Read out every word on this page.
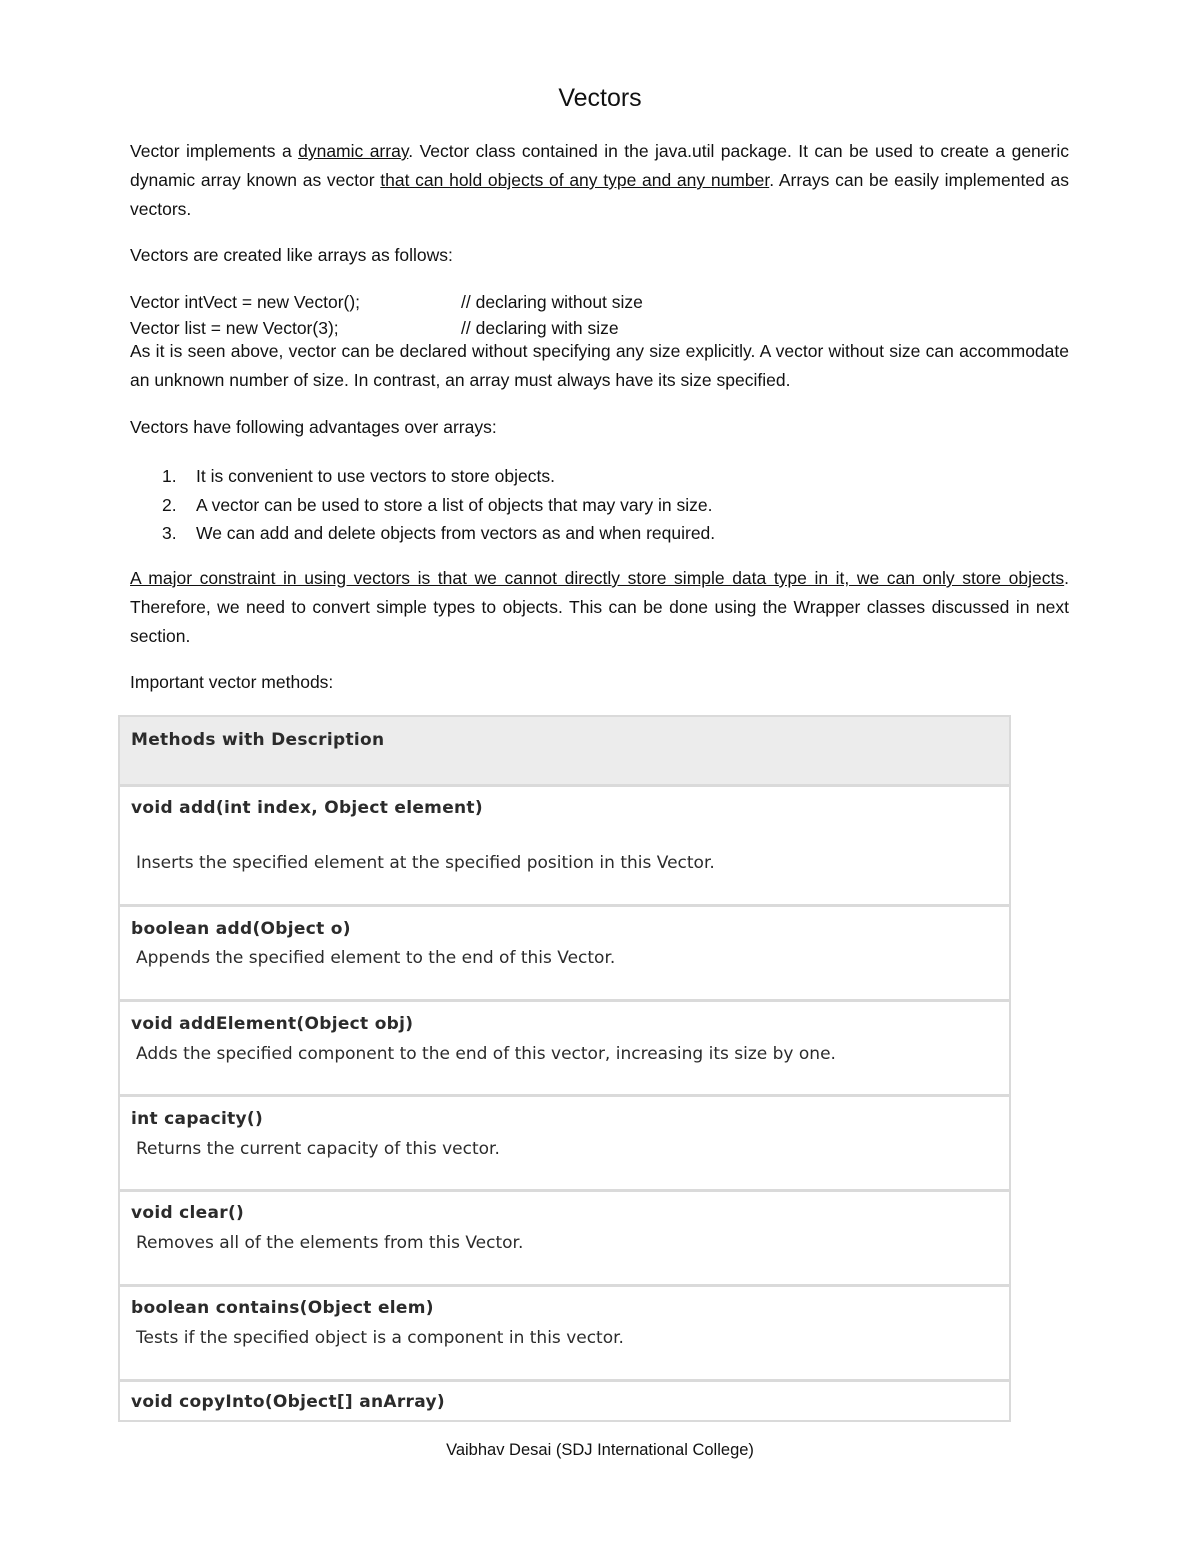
Vectors

Vector implements a dynamic array. Vector class contained in the java.util package. It can be used to create a generic dynamic array known as vector that can hold objects of any type and any number. Arrays can be easily implemented as vectors.

Vectors are created like arrays as follows:

Vector intVect = new Vector();	// declaring without size
Vector list = new Vector(3);	// declaring with size

As it is seen above, vector can be declared without specifying any size explicitly. A vector without size can accommodate an unknown number of size. In contrast, an array must always have its size specified.

Vectors have following advantages over arrays:

1. It is convenient to use vectors to store objects.
2. A vector can be used to store a list of objects that may vary in size.
3. We can add and delete objects from vectors as and when required.

A major constraint in using vectors is that we cannot directly store simple data type in it, we can only store objects. Therefore, we need to convert simple types to objects. This can be done using the Wrapper classes discussed in next section.

Important vector methods:

Methods with Description
void add(int index, Object element)
Inserts the specified element at the specified position in this Vector.
boolean add(Object o)
Appends the specified element to the end of this Vector.
void addElement(Object obj)
Adds the specified component to the end of this vector, increasing its size by one.
int capacity()
Returns the current capacity of this vector.
void clear()
Removes all of the elements from this Vector.
boolean contains(Object elem)
Tests if the specified object is a component in this vector.
void copyInto(Object[] anArray)
Vaibhav Desai (SDJ International College)
